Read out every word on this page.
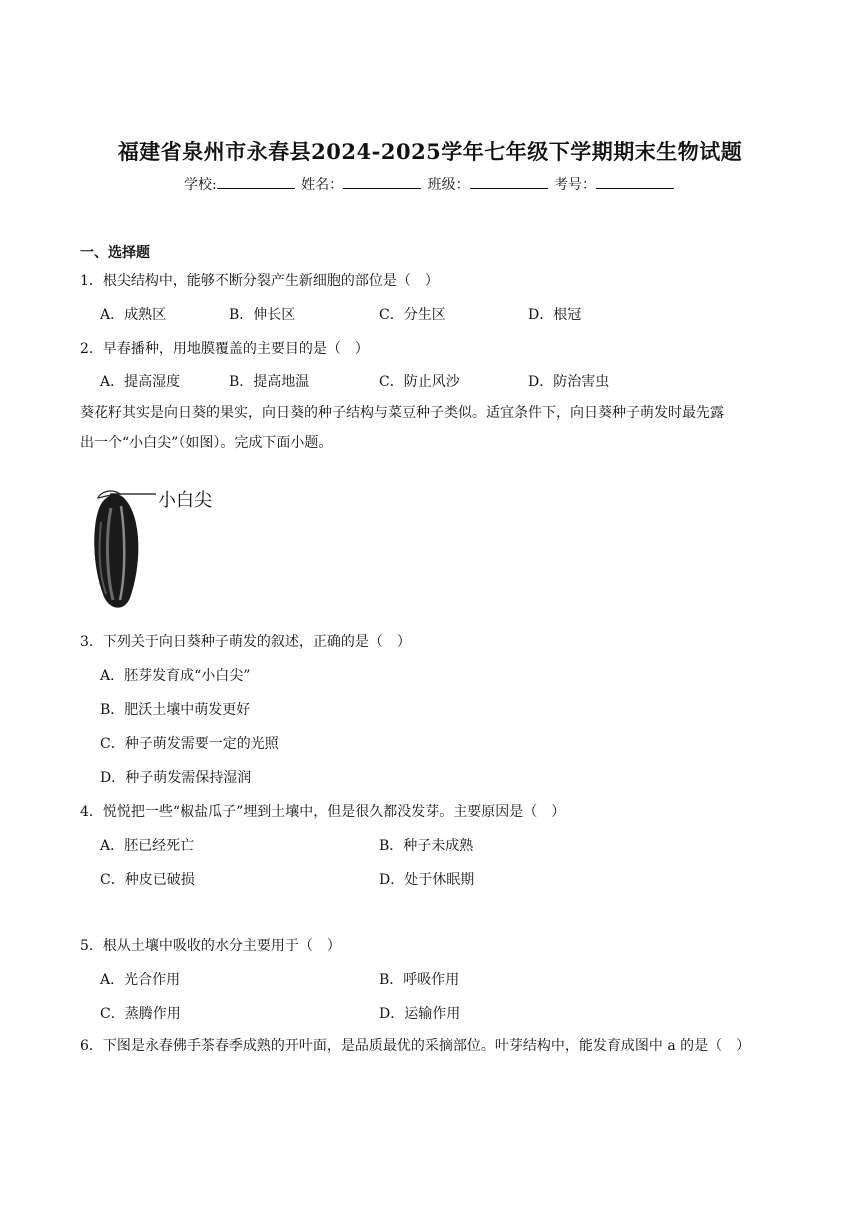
福建省泉州市永春县2024-2025学年七年级下学期期末生物试题
学校:	姓名：	班级：	考号：
一、选择题
1．根尖结构中，能够不断分裂产生新细胞的部位是（　）
A．成熟区	B．伸长区	C．分生区	D．根冠
2．早春播种，用地膜覆盖的主要目的是（　）
A．提高湿度	B．提高地温	C．防止风沙	D．防治害虫
葵花籽其实是向日葵的果实，向日葵的种子结构与菜豆种子类似。适宜条件下，向日葵种子萌发时最先露
出一个“小白尖”（如图）。完成下面小题。
小白尖
3．下列关于向日葵种子萌发的叙述，正确的是（　）
A．胚芽发育成“小白尖”
B．肥沃土壤中萌发更好
C．种子萌发需要一定的光照
D．种子萌发需保持湿润
4．悦悦把一些“椒盐瓜子”埋到土壤中，但是很久都没发芽。主要原因是（　）
A．胚已经死亡	B．种子未成熟
C．种皮已破损	D．处于休眠期
5．根从土壤中吸收的水分主要用于（　）
A．光合作用	B．呼吸作用
C．蒸腾作用	D．运输作用
6．下图是永春佛手茶春季成熟的开叶面，是品质最优的采摘部位。叶芽结构中，能发育成图中 a 的是（　）
